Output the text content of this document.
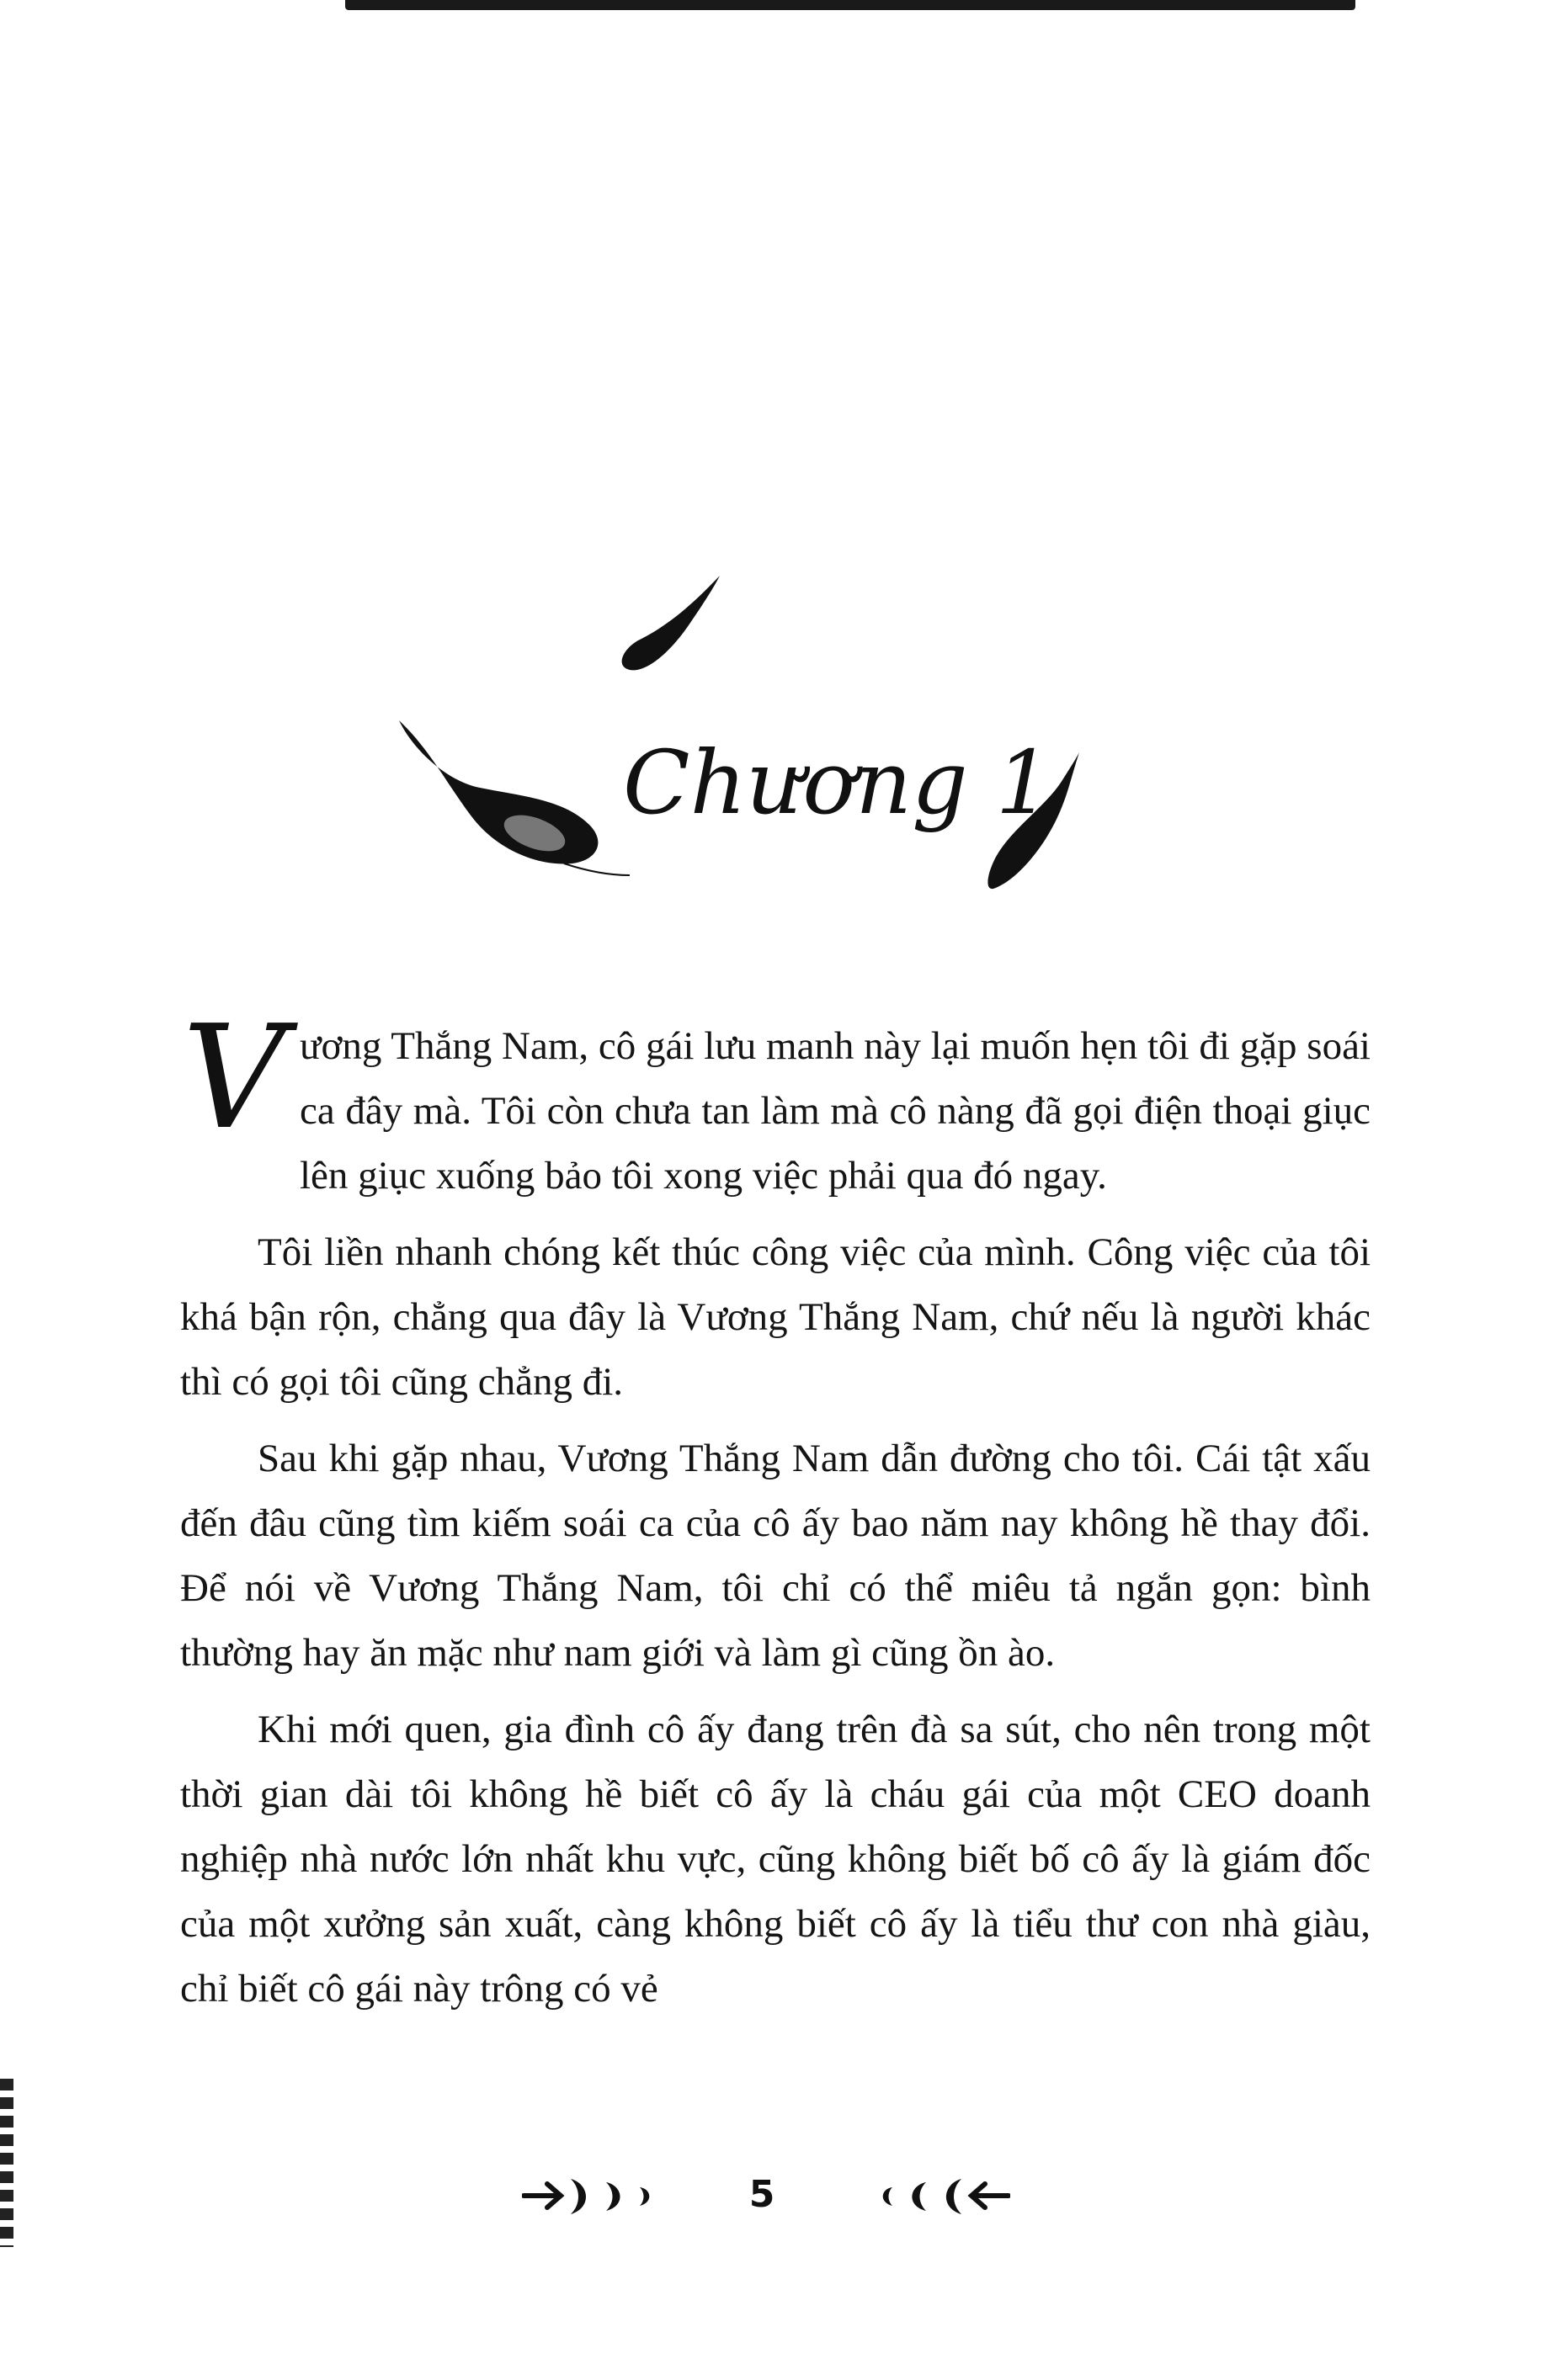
Chương 1

Vương Thắng Nam, cô gái lưu manh này lại muốn hẹn tôi đi gặp soái ca đây mà. Tôi còn chưa tan làm mà cô nàng đã gọi điện thoại giục lên giục xuống bảo tôi xong việc phải qua đó ngay.

Tôi liền nhanh chóng kết thúc công việc của mình. Công việc của tôi khá bận rộn, chẳng qua đây là Vương Thắng Nam, chứ nếu là người khác thì có gọi tôi cũng chẳng đi.

Sau khi gặp nhau, Vương Thắng Nam dẫn đường cho tôi. Cái tật xấu đến đâu cũng tìm kiếm soái ca của cô ấy bao năm nay không hề thay đổi. Để nói về Vương Thắng Nam, tôi chỉ có thể miêu tả ngắn gọn: bình thường hay ăn mặc như nam giới và làm gì cũng ồn ào.

Khi mới quen, gia đình cô ấy đang trên đà sa sút, cho nên trong một thời gian dài tôi không hề biết cô ấy là cháu gái của một CEO doanh nghiệp nhà nước lớn nhất khu vực, cũng không biết bố cô ấy là giám đốc của một xưởng sản xuất, càng không biết cô ấy là tiểu thư con nhà giàu, chỉ biết cô gái này trông có vẻ

5
